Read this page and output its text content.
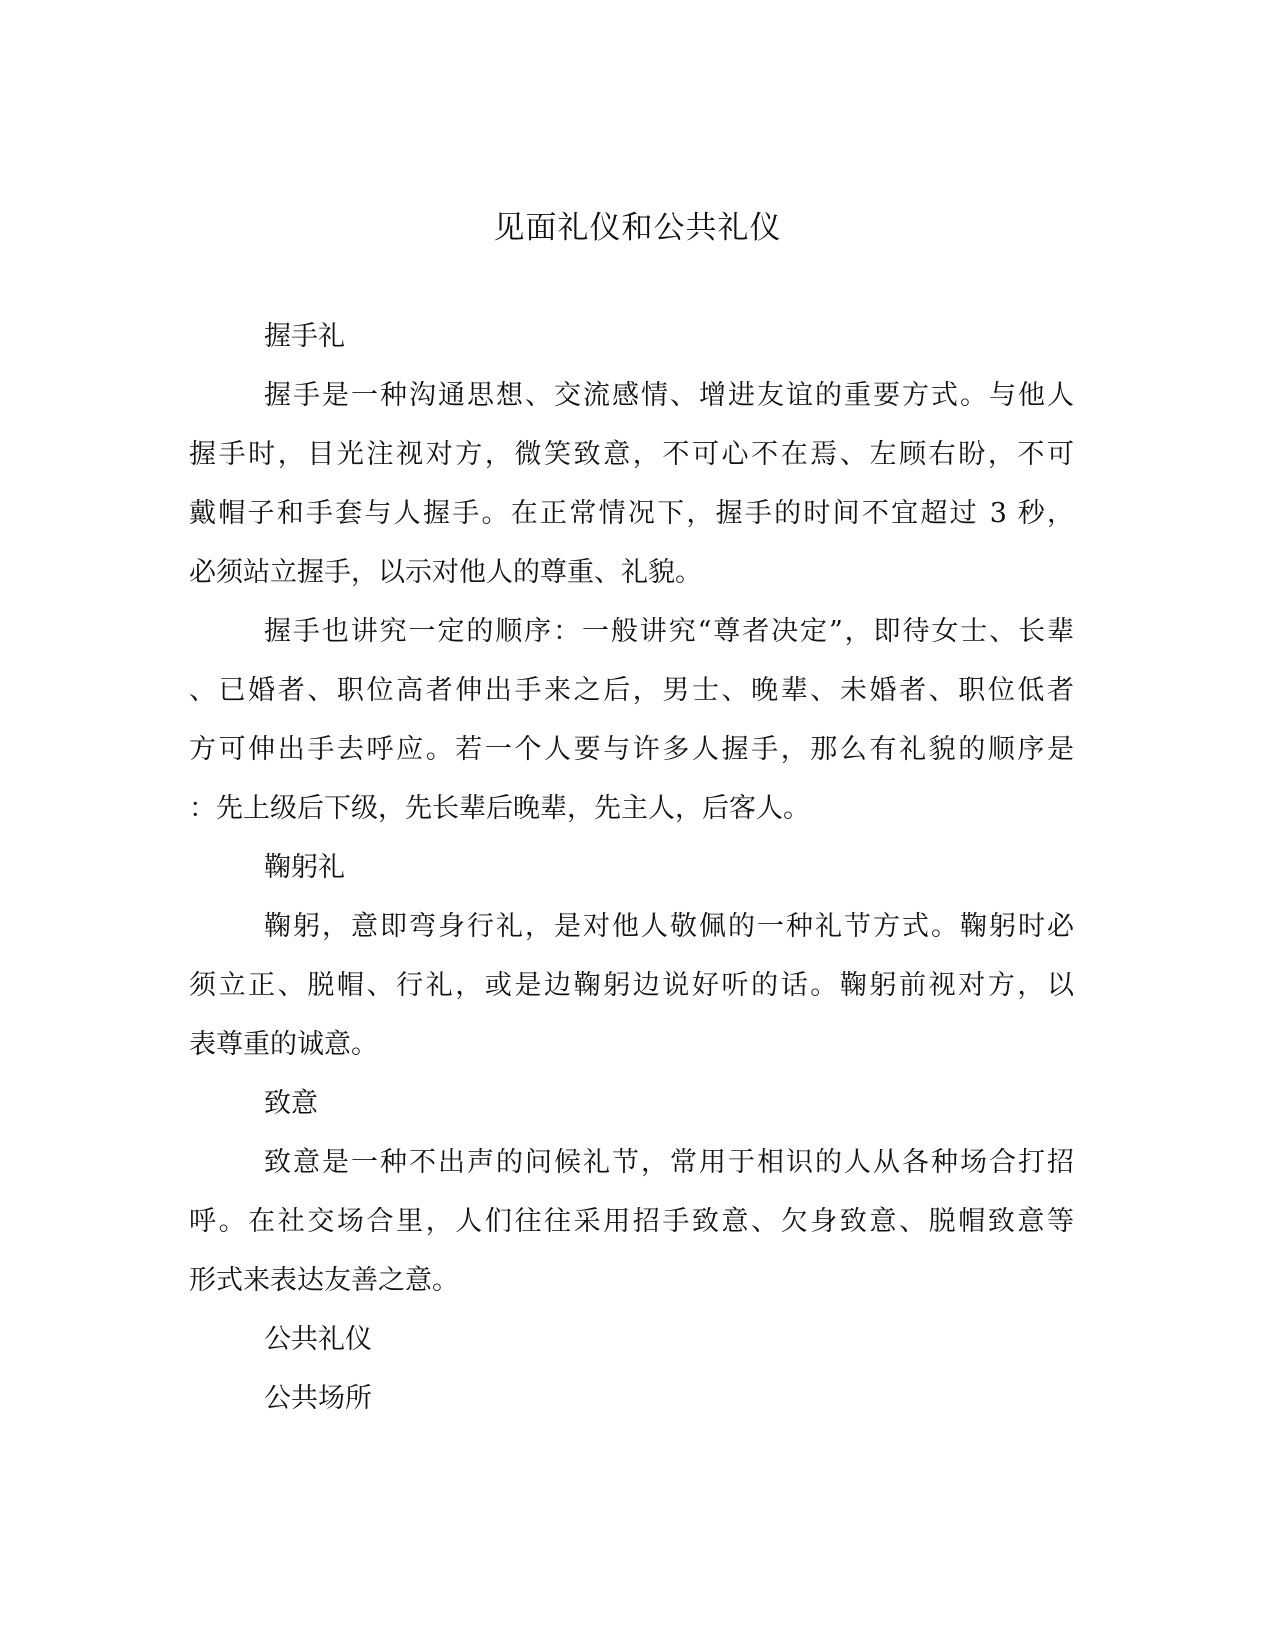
见面礼仪和公共礼仪
握手礼
握手是一种沟通思想、交流感情、增进友谊的重要方式。与他人
握手时，目光注视对方，微笑致意，不可心不在焉、左顾右盼，不可
戴帽子和手套与人握手。在正常情况下，握手的时间不宜超过 3 秒，
必须站立握手，以示对他人的尊重、礼貌。
握手也讲究一定的顺序：一般讲究“尊者决定”，即待女士、长辈
、已婚者、职位高者伸出手来之后，男士、晚辈、未婚者、职位低者
方可伸出手去呼应。若一个人要与许多人握手，那么有礼貌的顺序是
：先上级后下级，先长辈后晚辈，先主人，后客人。
鞠躬礼
鞠躬，意即弯身行礼，是对他人敬佩的一种礼节方式。鞠躬时必
须立正、脱帽、行礼，或是边鞠躬边说好听的话。鞠躬前视对方，以
表尊重的诚意。
致意
致意是一种不出声的问候礼节，常用于相识的人从各种场合打招
呼。在社交场合里，人们往往采用招手致意、欠身致意、脱帽致意等
形式来表达友善之意。
公共礼仪
公共场所
